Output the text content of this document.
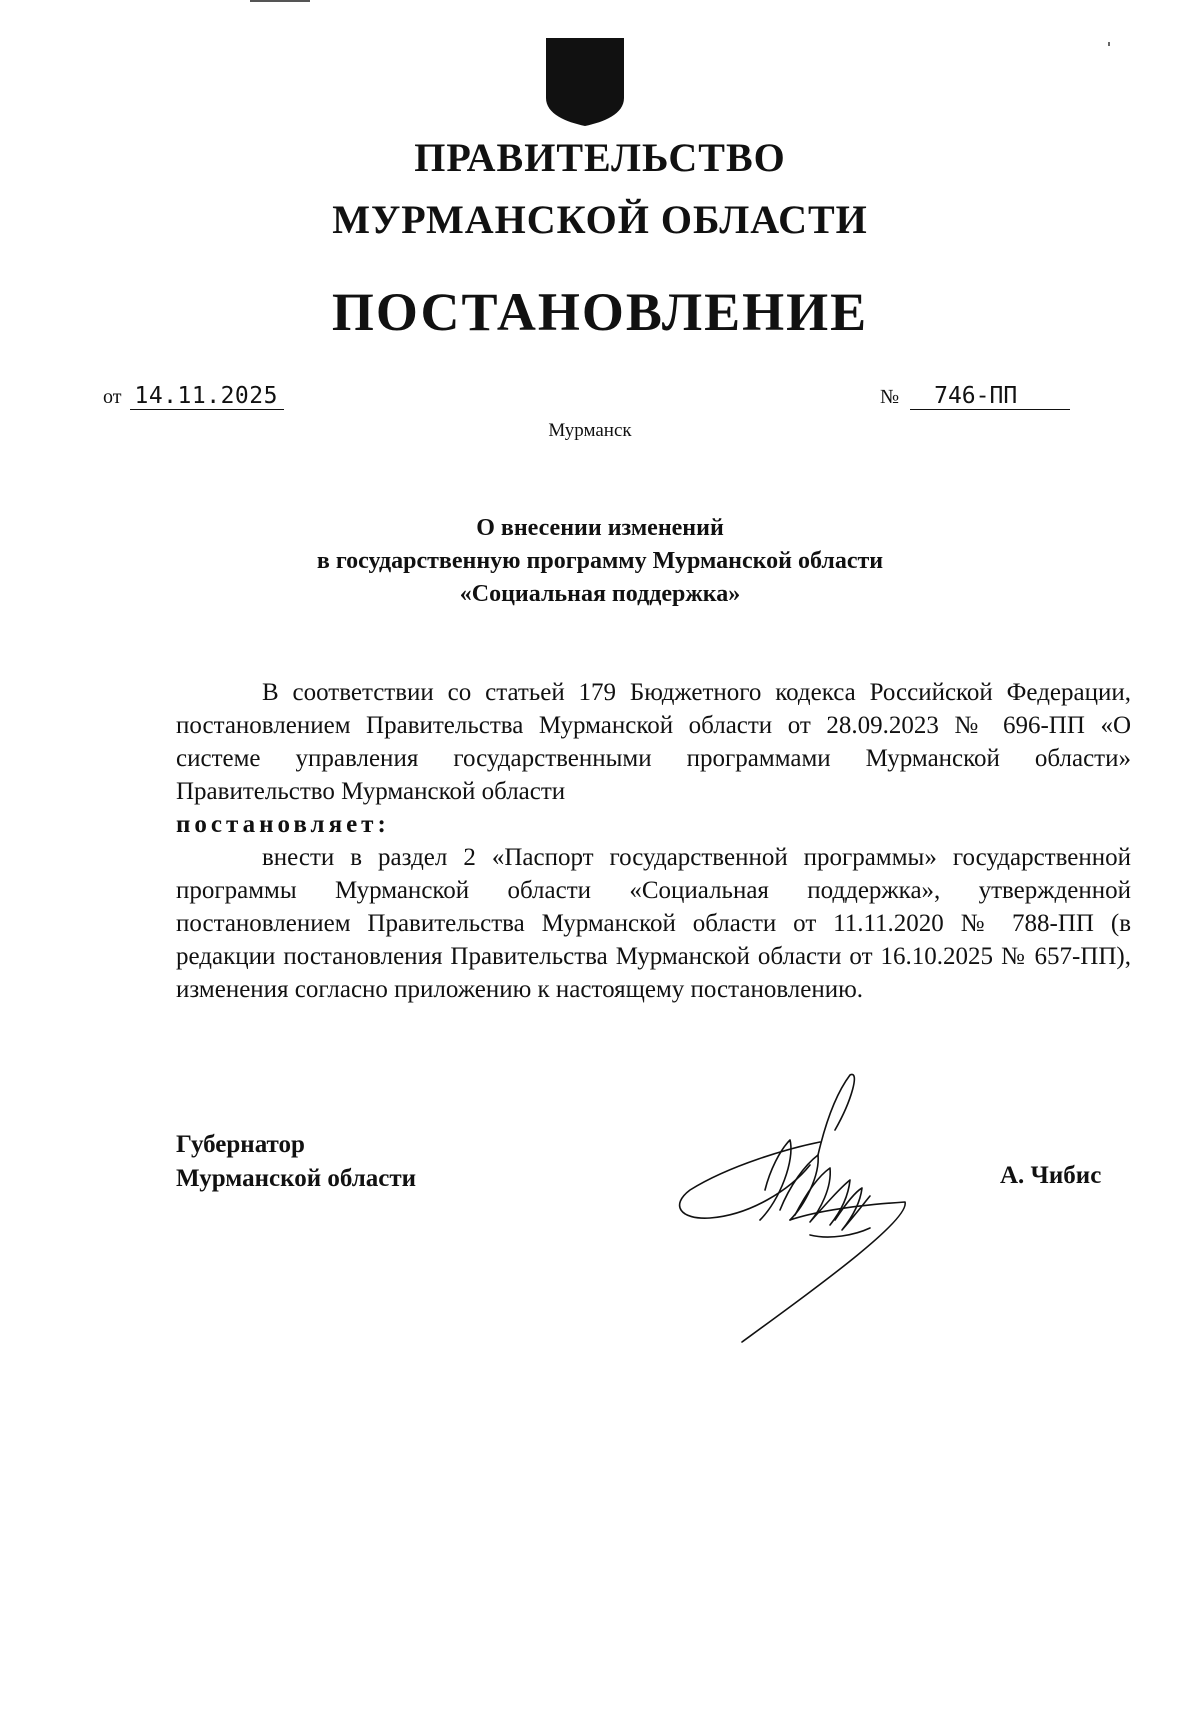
ПРАВИТЕЛЬСТВО
МУРМАНСКОЙ ОБЛАСТИ
ПОСТАНОВЛЕНИЕ
от 14.11.2025	№ 746-ПП
Мурманск
О внесении изменений
в государственную программу Мурманской области
«Социальная поддержка»

В соответствии со статьей 179 Бюджетного кодекса Российской Федерации, постановлением Правительства Мурманской области от 28.09.2023 № 696-ПП «О системе управления государственными программами Мурманской области» Правительство Мурманской области

постановляет:

внести в раздел 2 «Паспорт государственной программы» государственной программы Мурманской области «Социальная поддержка», утвержденной постановлением Правительства Мурманской области от 11.11.2020 № 788-ПП (в редакции постановления Правительства Мурманской области от 16.10.2025 № 657-ПП), изменения согласно приложению к настоящему постановлению.

Губернатор
Мурманской области	А. Чибис
